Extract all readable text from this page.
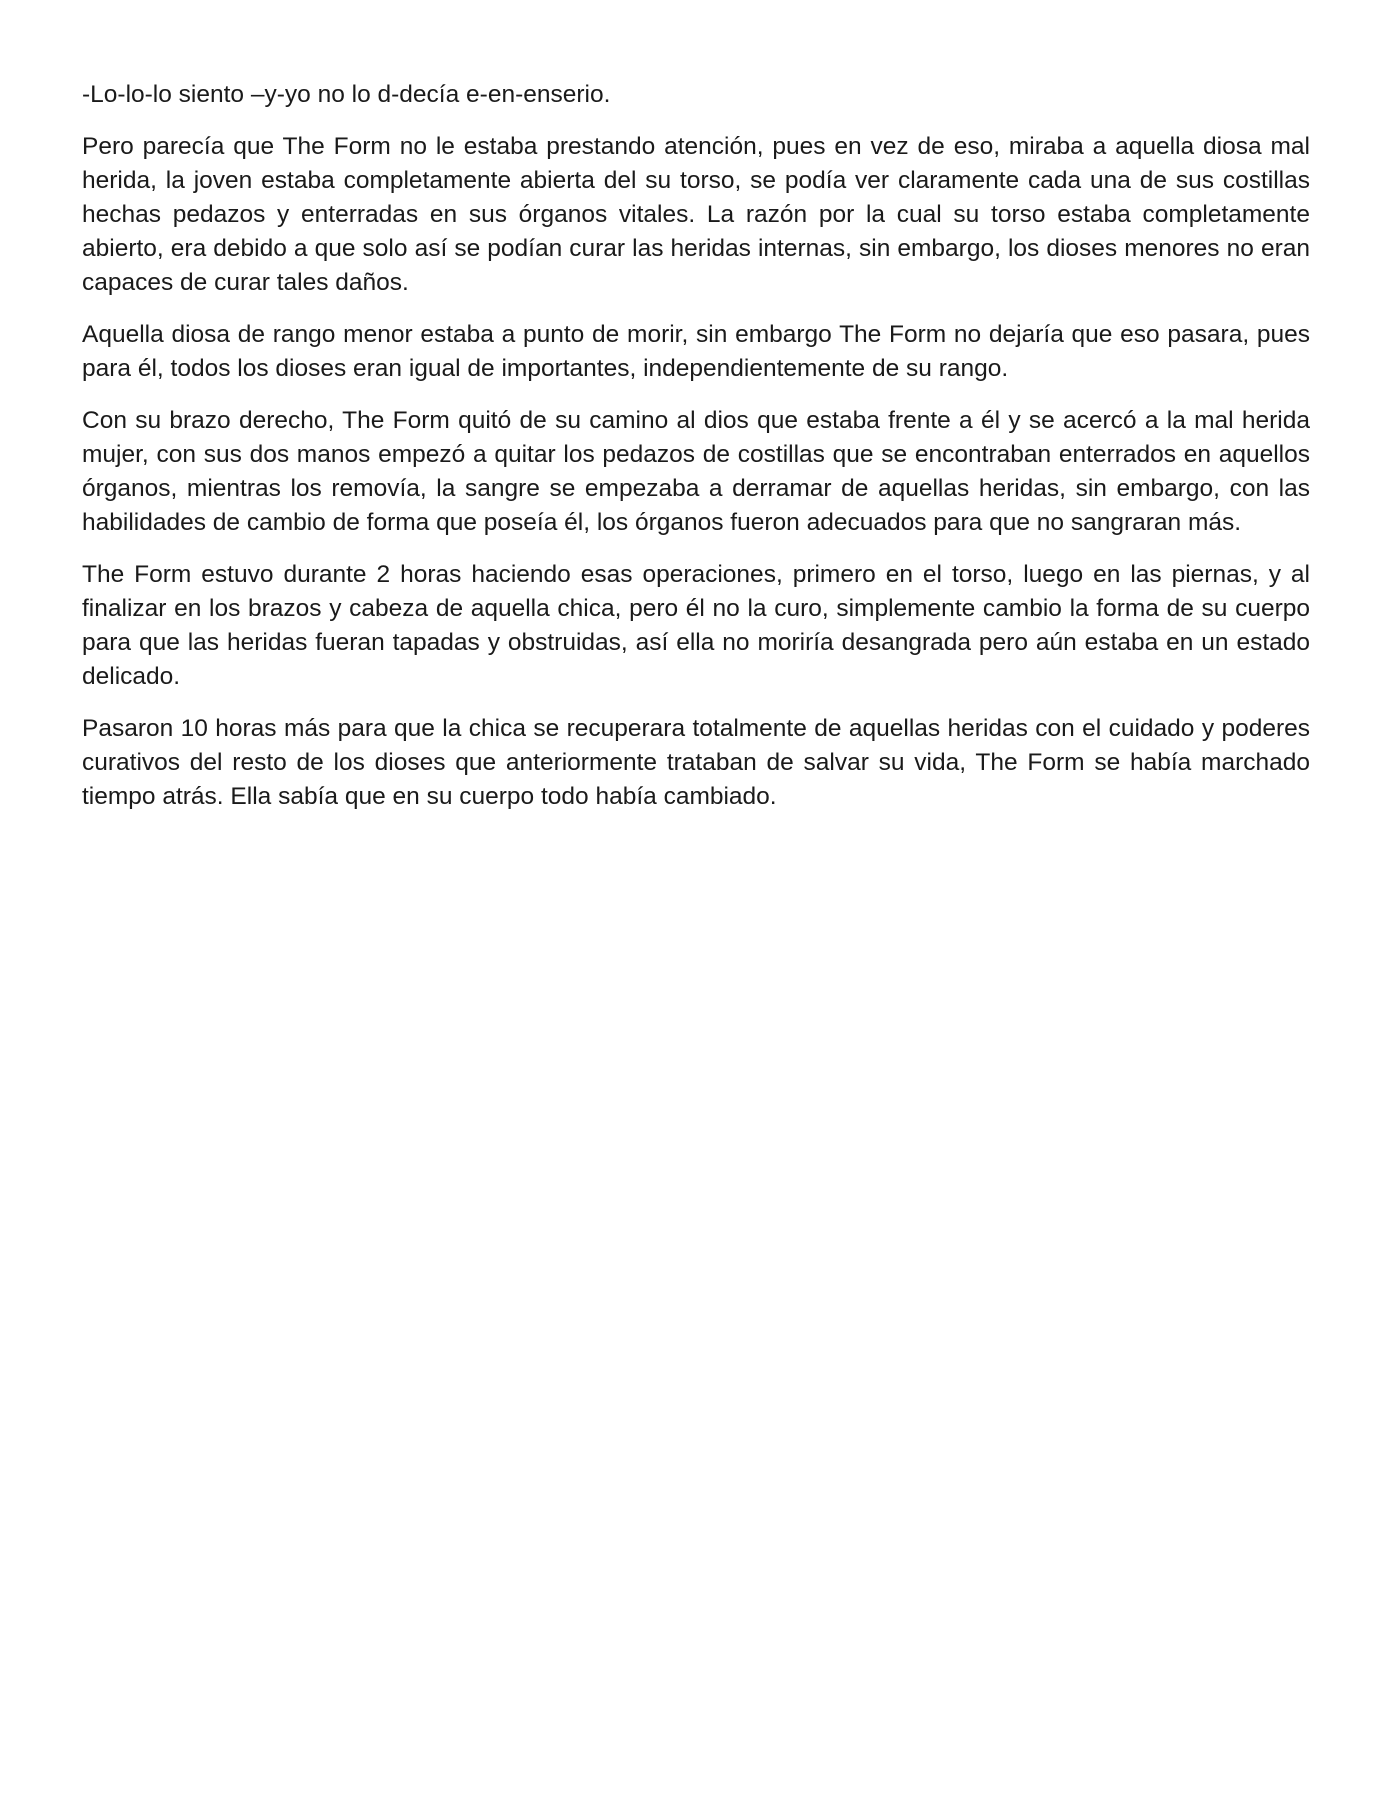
-Lo-lo-lo siento –y-yo no lo d-decía e-en-enserio.

Pero parecía que The Form no le estaba prestando atención, pues en vez de eso, miraba a aquella diosa mal herida, la joven estaba completamente abierta del su torso, se podía ver claramente cada una de sus costillas hechas pedazos y enterradas en sus órganos vitales. La razón por la cual su torso estaba completamente abierto, era debido a que solo así se podían curar las heridas internas, sin embargo, los dioses menores no eran capaces de curar tales daños.

Aquella diosa de rango menor estaba a punto de morir, sin embargo The Form no dejaría que eso pasara, pues para él, todos los dioses eran igual de importantes, independientemente de su rango.

Con su brazo derecho, The Form quitó de su camino al dios que estaba frente a él y se acercó a la mal herida mujer, con sus dos manos empezó a quitar los pedazos de costillas que se encontraban enterrados en aquellos órganos, mientras los removía, la sangre se empezaba a derramar de aquellas heridas, sin embargo, con las habilidades de cambio de forma que poseía él, los órganos fueron adecuados para que no sangraran más.

The Form estuvo durante 2 horas haciendo esas operaciones, primero en el torso, luego en las piernas, y al finalizar en los brazos y cabeza de aquella chica, pero él no la curo, simplemente cambio la forma de su cuerpo para que las heridas fueran tapadas y obstruidas, así ella no moriría desangrada pero aún estaba en un estado delicado.

Pasaron 10 horas más para que la chica se recuperara totalmente de aquellas heridas con el cuidado y poderes curativos del resto de los dioses que anteriormente trataban de salvar su vida, The Form se había marchado tiempo atrás. Ella sabía que en su cuerpo todo había cambiado.
